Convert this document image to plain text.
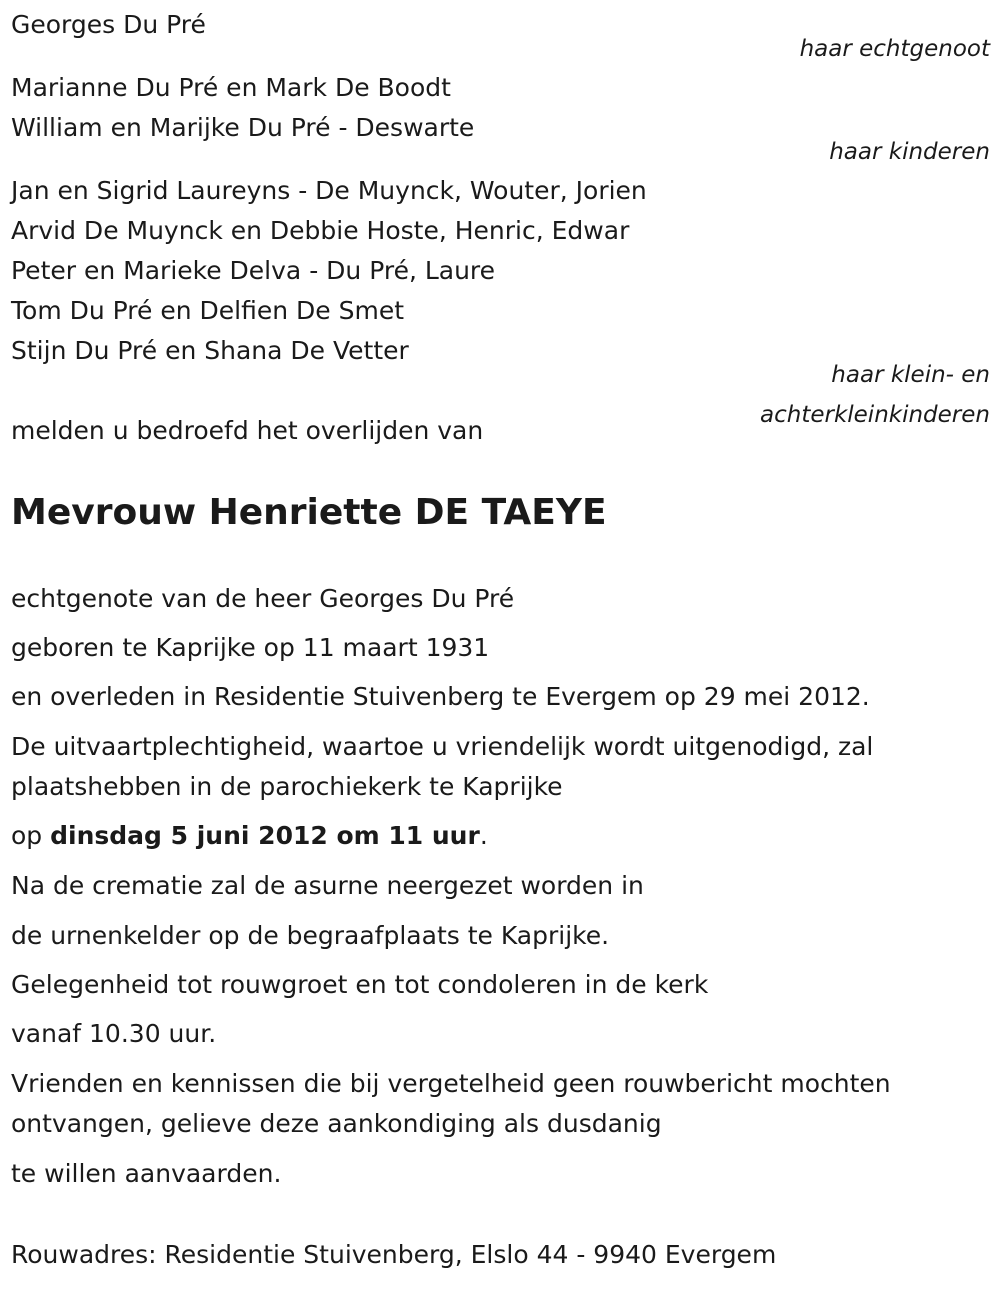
Georges Du Pré
haar echtgenoot
Marianne Du Pré en Mark De Boodt
William en Marijke Du Pré - Deswarte
haar kinderen
Jan en Sigrid Laureyns - De Muynck, Wouter, Jorien
Arvid De Muynck en Debbie Hoste, Henric, Edwar
Peter en Marieke Delva - Du Pré, Laure
Tom Du Pré en Delfien De Smet
Stijn Du Pré en Shana De Vetter
haar klein- en
achterkleinkinderen
melden u bedroefd het overlijden van
Mevrouw Henriette DE TAEYE
echtgenote van de heer Georges Du Pré
geboren te Kaprijke op 11 maart 1931
en overleden in Residentie Stuivenberg te Evergem op 29 mei 2012.
De uitvaartplechtigheid, waartoe u vriendelijk wordt uitgenodigd, zal
plaatshebben in de parochiekerk te Kaprijke
op dinsdag 5 juni 2012 om 11 uur.
Na de crematie zal de asurne neergezet worden in
de urnenkelder op de begraafplaats te Kaprijke.
Gelegenheid tot rouwgroet en tot condoleren in de kerk
vanaf 10.30 uur.
Vrienden en kennissen die bij vergetelheid geen rouwbericht mochten
ontvangen, gelieve deze aankondiging als dusdanig
te willen aanvaarden.
Rouwadres: Residentie Stuivenberg, Elslo 44 - 9940 Evergem
